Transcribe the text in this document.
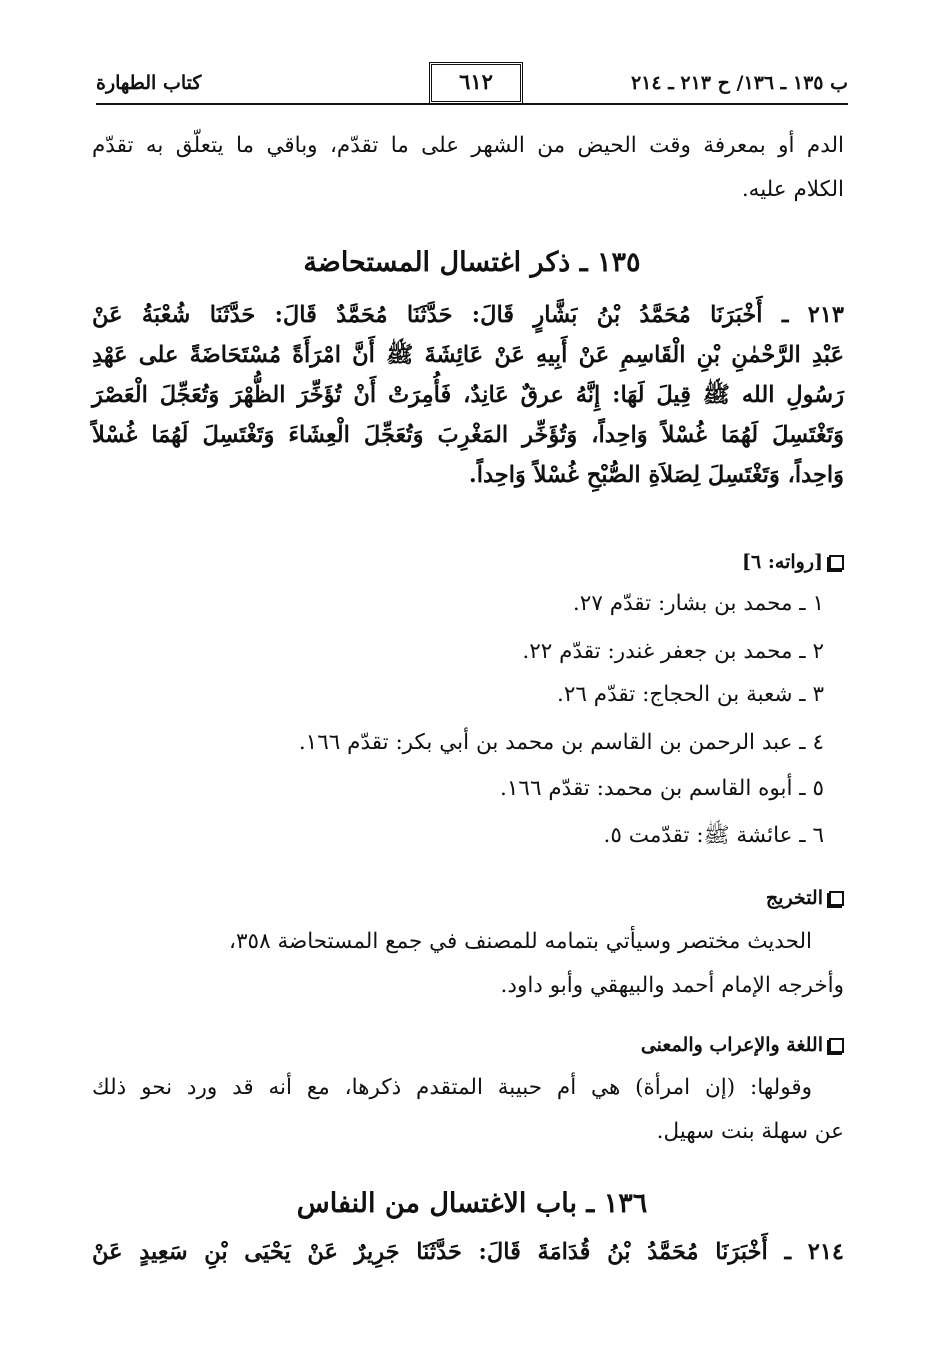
ب ١٣٥ ـ ١٣٦/ ح ٢١٣ ـ ٢١٤
٦١٢
كتاب الطهارة
الدم أو بمعرفة وقت الحيض من الشهر على ما تقدّم، وباقي ما يتعلّق به تقدّم
الكلام عليه.
١٣٥ ـ ذكر اغتسال المستحاضة
٢١٣ ـ أَخْبَرَنَا مُحَمَّدُ بْنُ بَشَّارٍ قَالَ: حَدَّثَنَا مُحَمَّدٌ قَالَ: حَدَّثَنَا شُعْبَةُ عَنْ
عَبْدِ الرَّحْمٰنِ بْنِ الْقَاسِمِ عَنْ أَبِيهِ عَنْ عَائِشَةَ ﷺ أَنَّ امْرَأَةً مُسْتَحَاضَةً على عَهْدِ
رَسُولِ الله ﷺ قِيلَ لَهَا: إِنَّهُ عرقٌ عَانِدٌ، فَأُمِرَتْ أَنْ تُؤَخِّرَ الظُّهْرَ وَتُعَجِّلَ الْعَصْرَ
وَتَغْتَسِلَ لَهُمَا غُسْلاً وَاحِداً، وَتُؤَخِّر المَغْرِبَ وَتُعَجِّلَ الْعِشَاءَ وَتَغْتَسِلَ لَهُمَا غُسْلاً
وَاحِداً، وَتَغْتَسِلَ لِصَلاَةِ الصُّبْحِ غُسْلاً وَاحِداً.
[رواته: ٦]
١ ـ محمد بن بشار: تقدّم ٢٧.
٢ ـ محمد بن جعفر غندر: تقدّم ٢٢.
٣ ـ شعبة بن الحجاج: تقدّم ٢٦.
٤ ـ عبد الرحمن بن القاسم بن محمد بن أبي بكر: تقدّم ١٦٦.
٥ ـ أبوه القاسم بن محمد: تقدّم ١٦٦.
٦ ـ عائشة ﷺ: تقدّمت ٥.
التخريج
الحديث مختصر وسيأتي بتمامه للمصنف في جمع المستحاضة ٣٥٨،
وأخرجه الإمام أحمد والبيهقي وأبو داود.
اللغة والإعراب والمعنى
وقولها: (إن امرأة) هي أم حبيبة المتقدم ذكرها، مع أنه قد ورد نحو ذلك
عن سهلة بنت سهيل.
١٣٦ ـ باب الاغتسال من النفاس
٢١٤ ـ أَخْبَرَنَا مُحَمَّدُ بْنُ قُدَامَةَ قَالَ: حَدَّثَنَا جَرِيرٌ عَنْ يَحْيَى بْنِ سَعِيدٍ عَنْ
